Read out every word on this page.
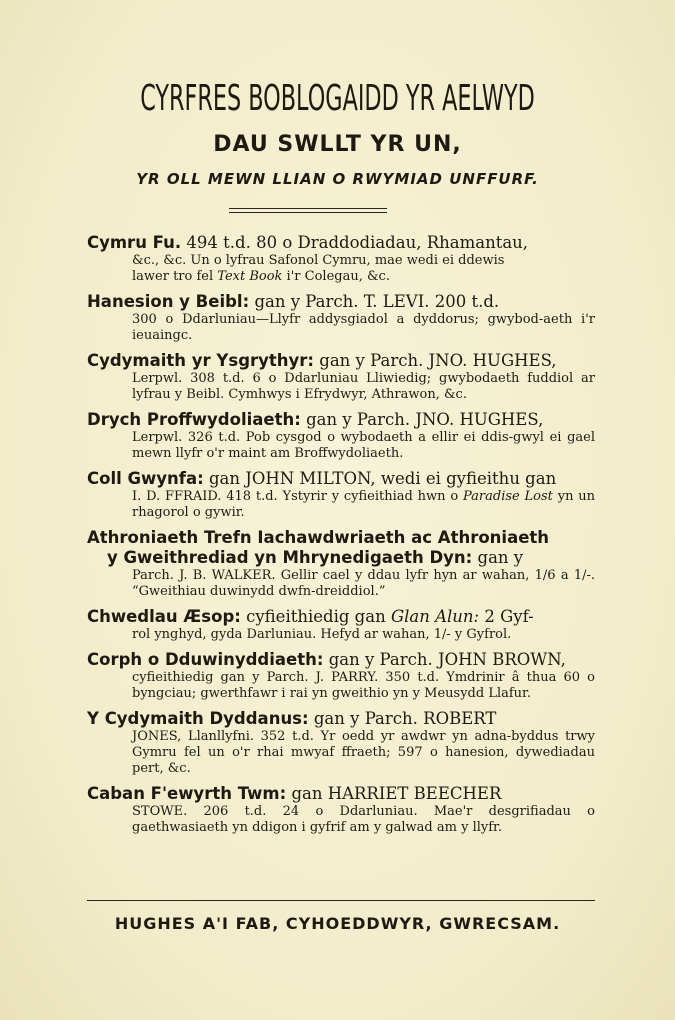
CYRFRES BOBLOGAIDD YR AELWYD
DAU SWLLT YR UN,
YR OLL MEWN LLIAN O RWYMIAD UNFFURF.
Cymru Fu. 494 t.d. 80 o Draddodiadau, Rhamantau,
&c., &c. Un o lyfrau Safonol Cymru, mae wedi ei ddewis
lawer tro fel Text Book i'r Colegau, &c.
Hanesion y Beibl: gan y Parch. T. LEVI. 200 t.d.
300 o Ddarluniau—Llyfr addysgiadol a dyddorus; gwybod-aeth i'r ieuaingc.
Cydymaith yr Ysgrythyr: gan y Parch. JNO. HUGHES,
Lerpwl. 308 t.d. 6 o Ddarluniau Lliwiedig; gwybodaeth fuddiol ar lyfrau y Beibl. Cymhwys i Efrydwyr, Athrawon, &c.
Drych Proffwydoliaeth: gan y Parch. JNO. HUGHES,
Lerpwl. 326 t.d. Pob cysgod o wybodaeth a ellir ei ddis-gwyl ei gael mewn llyfr o'r maint am Broffwydoliaeth.
Coll Gwynfa: gan JOHN MILTON, wedi ei gyfieithu gan
I. D. FFRAID. 418 t.d. Ystyrir y cyfieithiad hwn o Paradise Lost yn un rhagorol o gywir.
Athroniaeth Trefn Iachawdwriaeth ac Athroniaeth
y Gweithrediad yn Mhrynedigaeth Dyn: gan y
Parch. J. B. WALKER. Gellir cael y ddau lyfr hyn ar wahan, 1/6 a 1/-. “Gweithiau duwinydd dwfn-dreiddiol.”
Chwedlau Æsop: cyfieithiedig gan Glan Alun: 2 Gyf-
rol ynghyd, gyda Darluniau. Hefyd ar wahan, 1/- y Gyfrol.
Corph o Dduwinyddiaeth: gan y Parch. JOHN BROWN,
cyfieithiedig gan y Parch. J. PARRY. 350 t.d. Ymdrinir â thua 60 o byngciau; gwerthfawr i rai yn gweithio yn y Meusydd Llafur.
Y Cydymaith Dyddanus: gan y Parch. ROBERT
JONES, Llanllyfni. 352 t.d. Yr oedd yr awdwr yn adna-byddus trwy Gymru fel un o'r rhai mwyaf ffraeth; 597 o hanesion, dywediadau pert, &c.
Caban F'ewyrth Twm: gan HARRIET BEECHER
STOWE. 206 t.d. 24 o Ddarluniau. Mae'r desgrifiadau o gaethwasiaeth yn ddigon i gyfrif am y galwad am y llyfr.
HUGHES A'I FAB, CYHOEDDWYR, GWRECSAM.
